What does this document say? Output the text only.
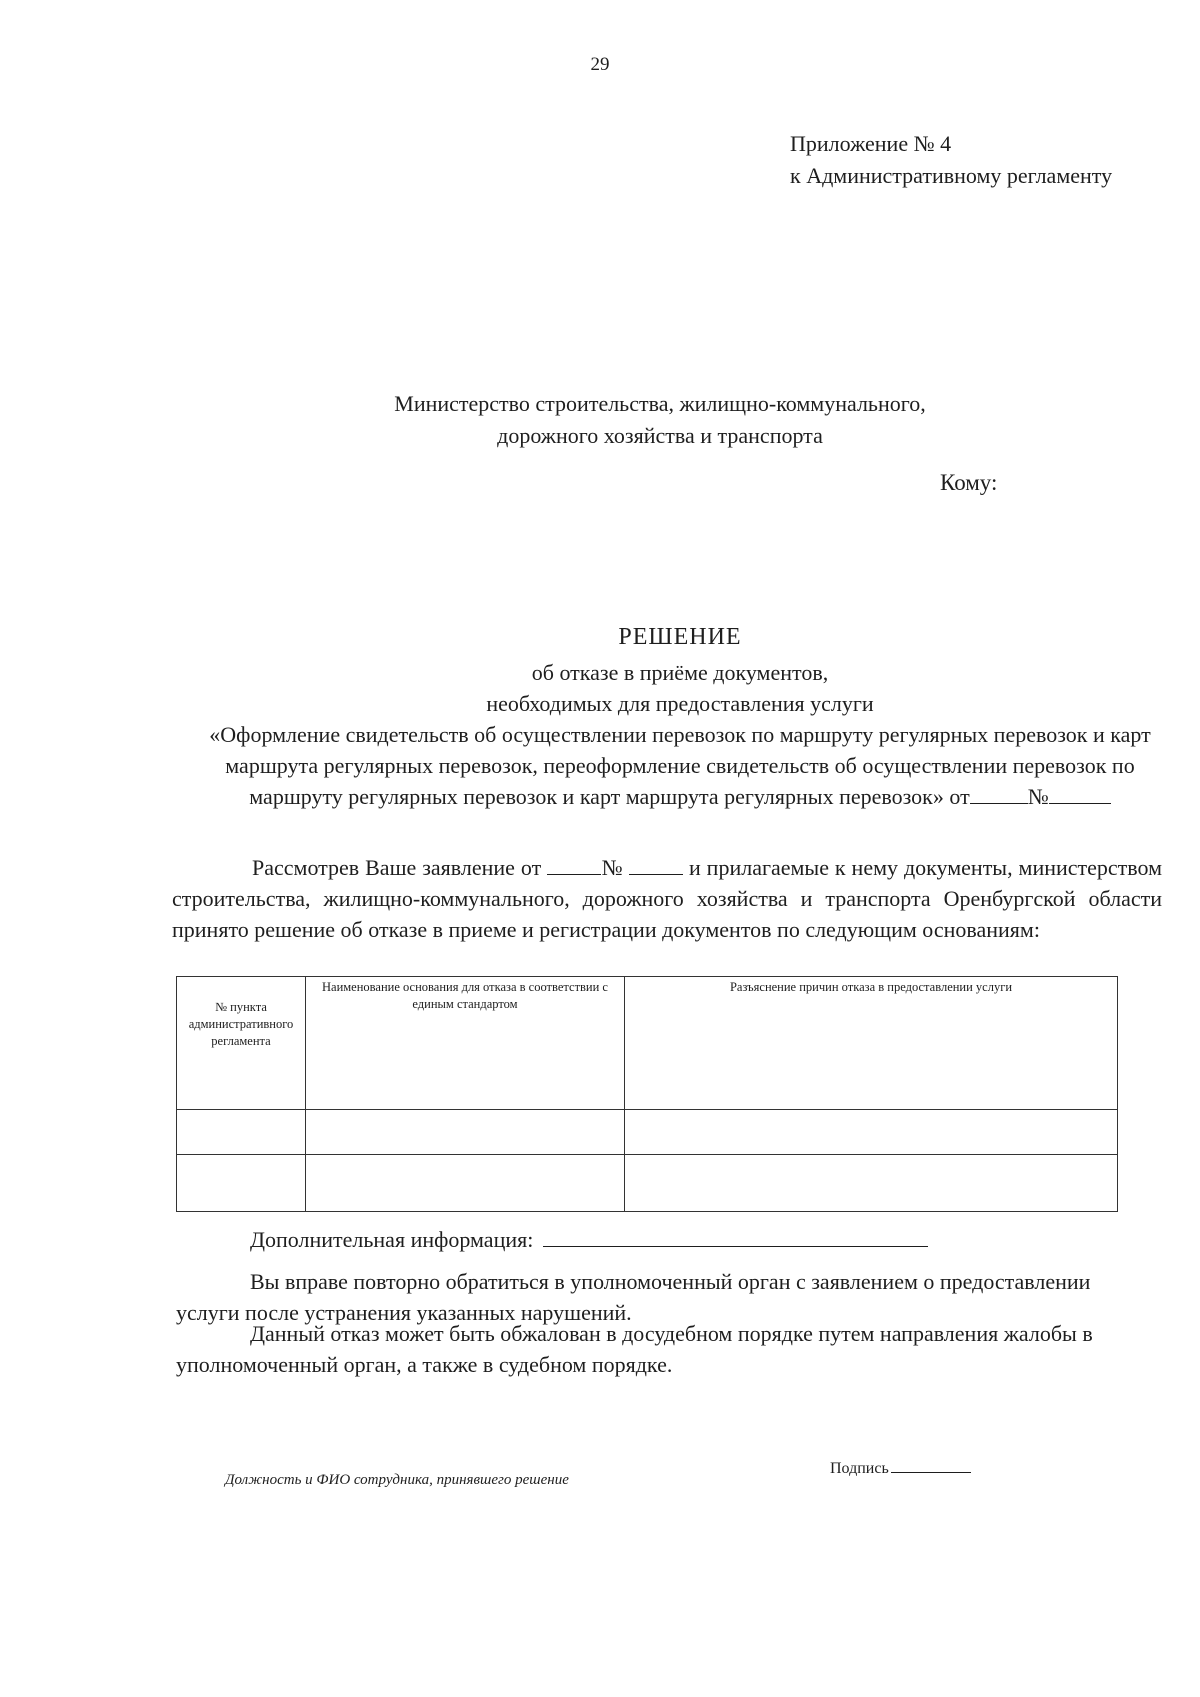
29
Приложение № 4
к Административному регламенту
Министерство строительства, жилищно-коммунального,
дорожного хозяйства и транспорта
Кому:
РЕШЕНИЕ
об отказе в приёме документов,
необходимых для предоставления услуги
«Оформление свидетельств об осуществлении перевозок по маршруту регулярных перевозок и карт маршрута регулярных перевозок, переоформление свидетельств об осуществлении перевозок по маршруту регулярных перевозок и карт маршрута регулярных перевозок» от	№
Рассмотрев Ваше заявление от	№	и прилагаемые к нему документы, министерством строительства, жилищно-коммунального, дорожного хозяйства и транспорта Оренбургской области принято решение об отказе в приеме и регистрации документов по следующим основаниям:
№ пункта административного регламента	Наименование основания для отказа в соответствии с единым стандартом	Разъяснение причин отказа в предоставлении услуги

Дополнительная информация:
Вы вправе повторно обратиться в уполномоченный орган с заявлением о предоставлении услуги после устранения указанных нарушений.
Данный отказ может быть обжалован в досудебном порядке путем направления жалобы в уполномоченный орган, а также в судебном порядке.
Должность и ФИО сотрудника, принявшего решение
Подпись
